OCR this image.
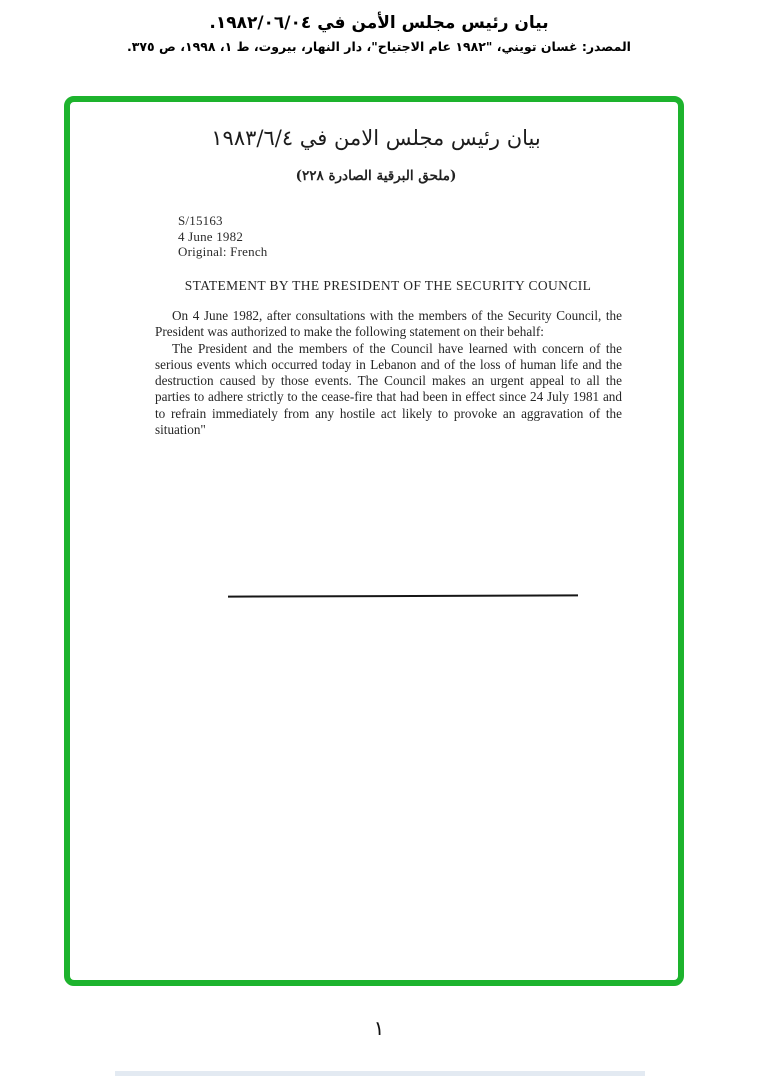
بيان رئيس مجلس الأمن في ١٩٨٢/٠٦/٠٤.
المصدر: غسان تويني، "١٩٨٢ عام الاجتياح"، دار النهار، بيروت، ط ١، ١٩٩٨، ص ٣٧٥.
بيان رئيس مجلس الامن في ١٩٨٣/٦/٤
(ملحق البرقية الصادرة ٢٢٨)
S/15163
4 June 1982
Original: French
STATEMENT BY THE PRESIDENT OF THE SECURITY COUNCIL

On 4 June 1982, after consultations with the members of the Security Council, the President was authorized to make the following statement on their behalf:

The President and the members of the Council have learned with concern of the serious events which occurred today in Lebanon and of the loss of human life and the destruction caused by those events. The Council makes an urgent appeal to all the parties to adhere strictly to the cease-fire that had been in effect since 24 July 1981 and to refrain immediately from any hostile act likely to provoke an aggravation of the situation"

١
